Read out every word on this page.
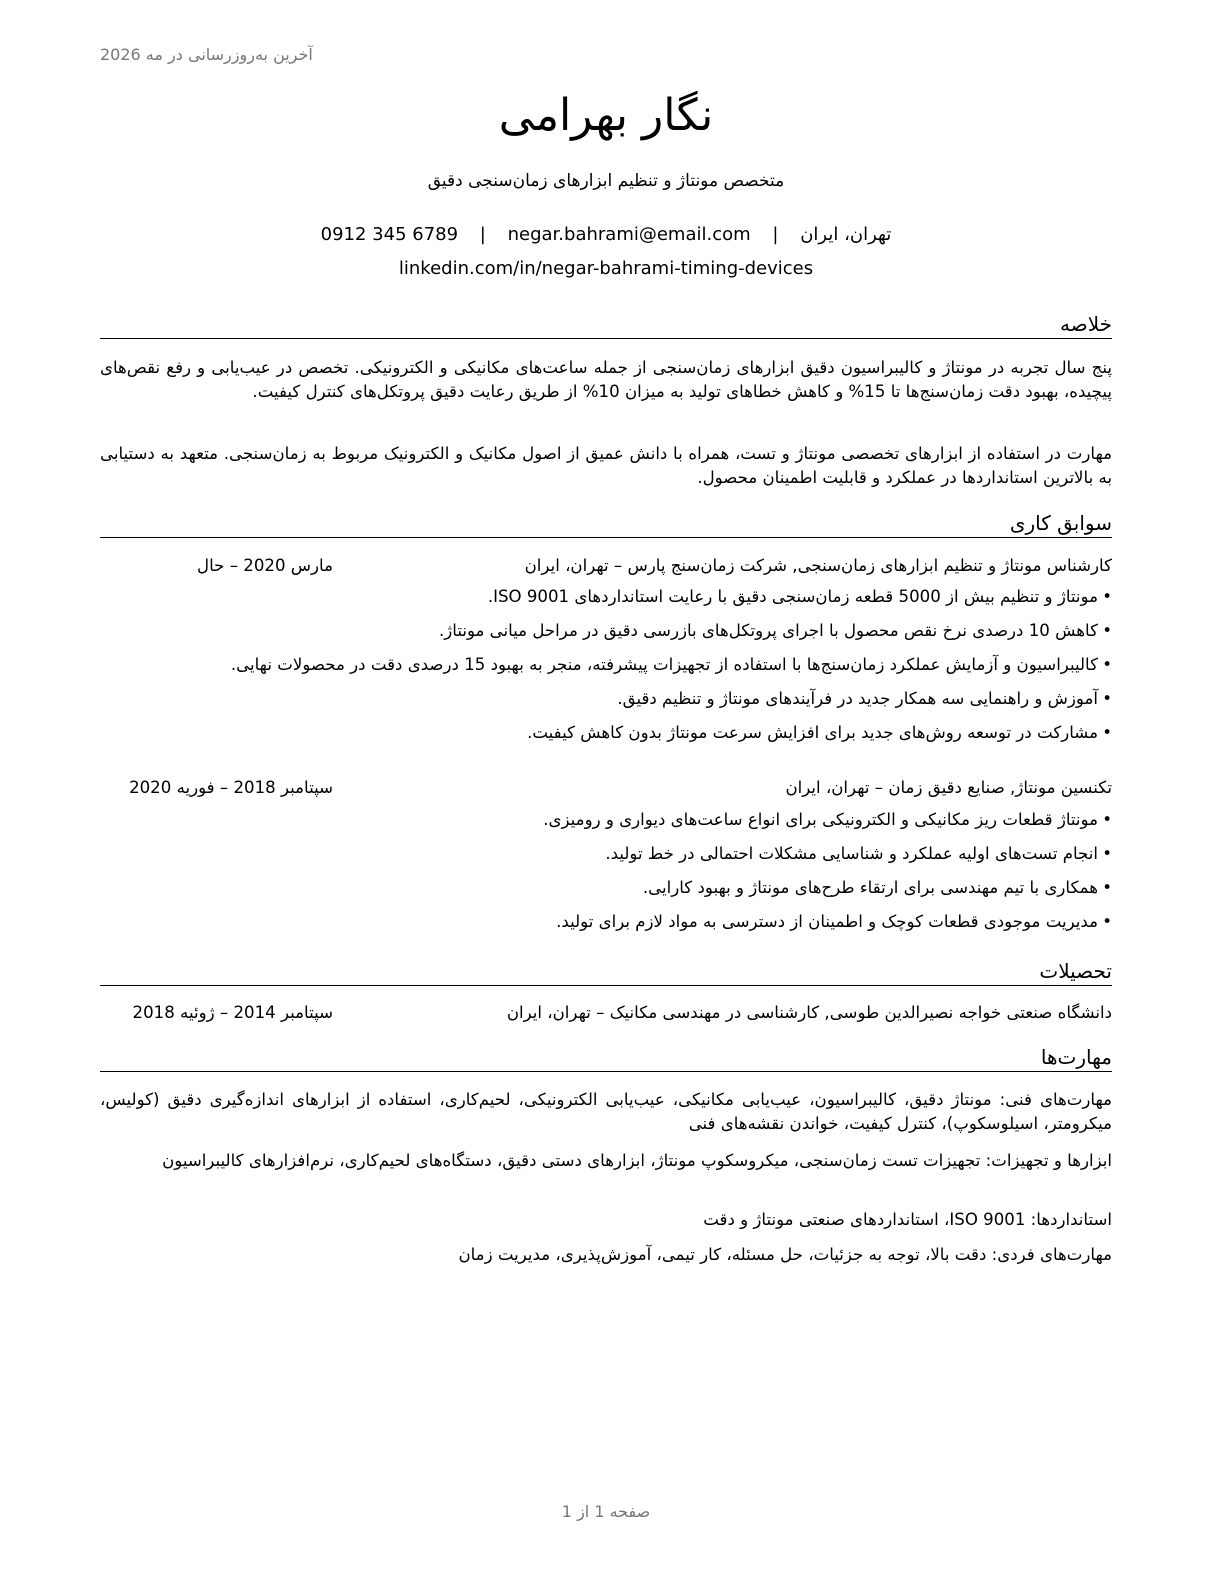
آخرین به‌روزرسانی در مه 2026
نگار بهرامی
متخصص مونتاژ و تنظیم ابزارهای زمان‌سنجی دقیق
تهران، ایران | negar.bahrami@email.com | 0912 345 6789
linkedin.com/in/negar-bahrami-timing-devices
خلاصه
پنج سال تجربه در مونتاژ و کالیبراسیون دقیق ابزارهای زمان‌سنجی از جمله ساعت‌های مکانیکی و الکترونیکی. تخصص در عیب‌یابی و رفع نقص‌های پیچیده، بهبود دقت زمان‌سنج‌ها تا 15% و کاهش خطاهای تولید به میزان 10% از طریق رعایت دقیق پروتکل‌های کنترل کیفیت.
مهارت در استفاده از ابزارهای تخصصی مونتاژ و تست، همراه با دانش عمیق از اصول مکانیک و الکترونیک مربوط به زمان‌سنجی. متعهد به دستیابی به بالاترین استانداردها در عملکرد و قابلیت اطمینان محصول.
سوابق کاری
کارشناس مونتاژ و تنظیم ابزارهای زمان‌سنجی, شرکت زمان‌سنج پارس – تهران، ایران
مارس 2020 – حال
•مونتاژ و تنظیم بیش از 5000 قطعه زمان‌سنجی دقیق با رعایت استانداردهای ISO 9001.
•کاهش 10 درصدی نرخ نقص محصول با اجرای پروتکل‌های بازرسی دقیق در مراحل میانی مونتاژ.
•کالیبراسیون و آزمایش عملکرد زمان‌سنج‌ها با استفاده از تجهیزات پیشرفته، منجر به بهبود 15 درصدی دقت در محصولات نهایی.
•آموزش و راهنمایی سه همکار جدید در فرآیندهای مونتاژ و تنظیم دقیق.
•مشارکت در توسعه روش‌های جدید برای افزایش سرعت مونتاژ بدون کاهش کیفیت.
تکنسین مونتاژ, صنایع دقیق زمان – تهران، ایران
سپتامبر 2018 – فوریه 2020
•مونتاژ قطعات ریز مکانیکی و الکترونیکی برای انواع ساعت‌های دیواری و رومیزی.
•انجام تست‌های اولیه عملکرد و شناسایی مشکلات احتمالی در خط تولید.
•همکاری با تیم مهندسی برای ارتقاء طرح‌های مونتاژ و بهبود کارایی.
•مدیریت موجودی قطعات کوچک و اطمینان از دسترسی به مواد لازم برای تولید.
تحصیلات
دانشگاه صنعتی خواجه نصیرالدین طوسی, کارشناسی در مهندسی مکانیک – تهران، ایران
سپتامبر 2014 – ژوئیه 2018
مهارت‌ها
مهارت‌های فنی: مونتاژ دقیق، کالیبراسیون، عیب‌یابی مکانیکی، عیب‌یابی الکترونیکی، لحیم‌کاری، استفاده از ابزارهای اندازه‌گیری دقیق (کولیس، میکرومتر، اسیلوسکوپ)، کنترل کیفیت، خواندن نقشه‌های فنی
ابزارها و تجهیزات: تجهیزات تست زمان‌سنجی، میکروسکوپ مونتاژ، ابزارهای دستی دقیق، دستگاه‌های لحیم‌کاری، نرم‌افزارهای کالیبراسیون
استانداردها: ISO 9001، استانداردهای صنعتی مونتاژ و دقت
مهارت‌های فردی: دقت بالا، توجه به جزئیات، حل مسئله، کار تیمی، آموزش‌پذیری، مدیریت زمان
صفحه 1 از 1
